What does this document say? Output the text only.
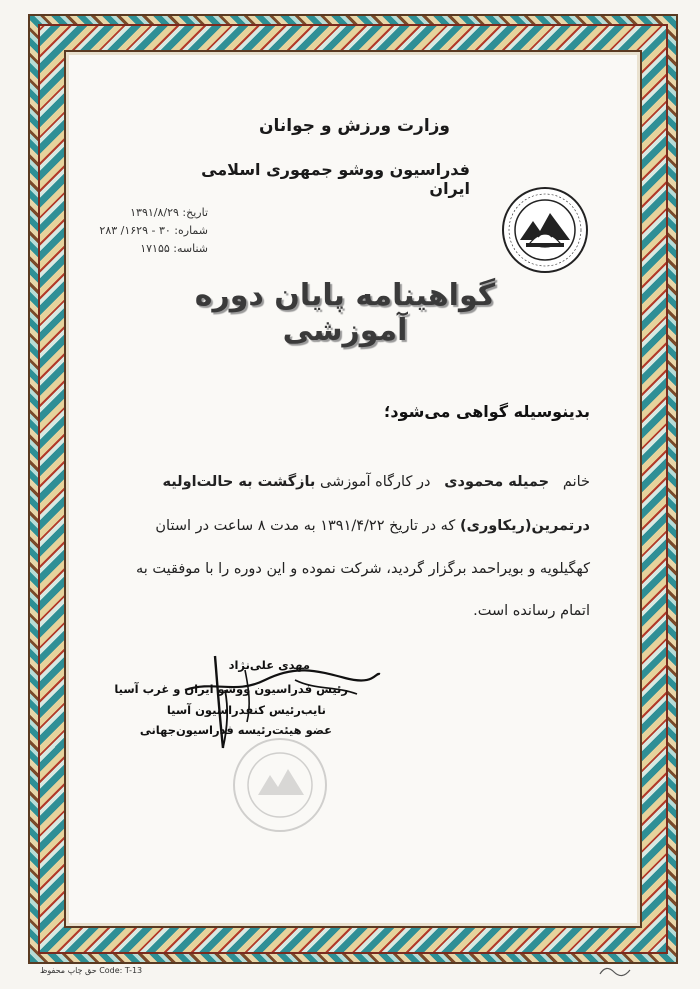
وزارت ورزش و جوانان
فدراسیون ووشو جمهوری اسلامی ایران
تاریخ: ۱۳۹۱/۸/۲۹
شماره: ۳۰ - ۱۶۲۹/ ۲۸۳
شناسه: ۱۷۱۵۵
گواهینامه پایان دوره آموزشی
بدینوسیله گواهی می‌شود؛
خانم   جمیله محمودی   در کارگاه آموزشی بازگشت به حالت‌اولیه
درتمرین(ریکاوری) که در تاریخ ۱۳۹۱/۴/۲۲ به مدت ۸ ساعت در استان
کهگیلویه و بویراحمد برگزار گردید، شرکت نموده و این دوره را با موفقیت به
اتمام رسانده است.
مهدی علی‌نژاد
رئیس فدراسیون ووشو ایران و غرب آسیا
نایب‌رئیس کنفدراسیون آسیا
عضو هیئت‌رئیسه فدراسیون‌جهانی
حق چاپ محفوظ Code: T-13
